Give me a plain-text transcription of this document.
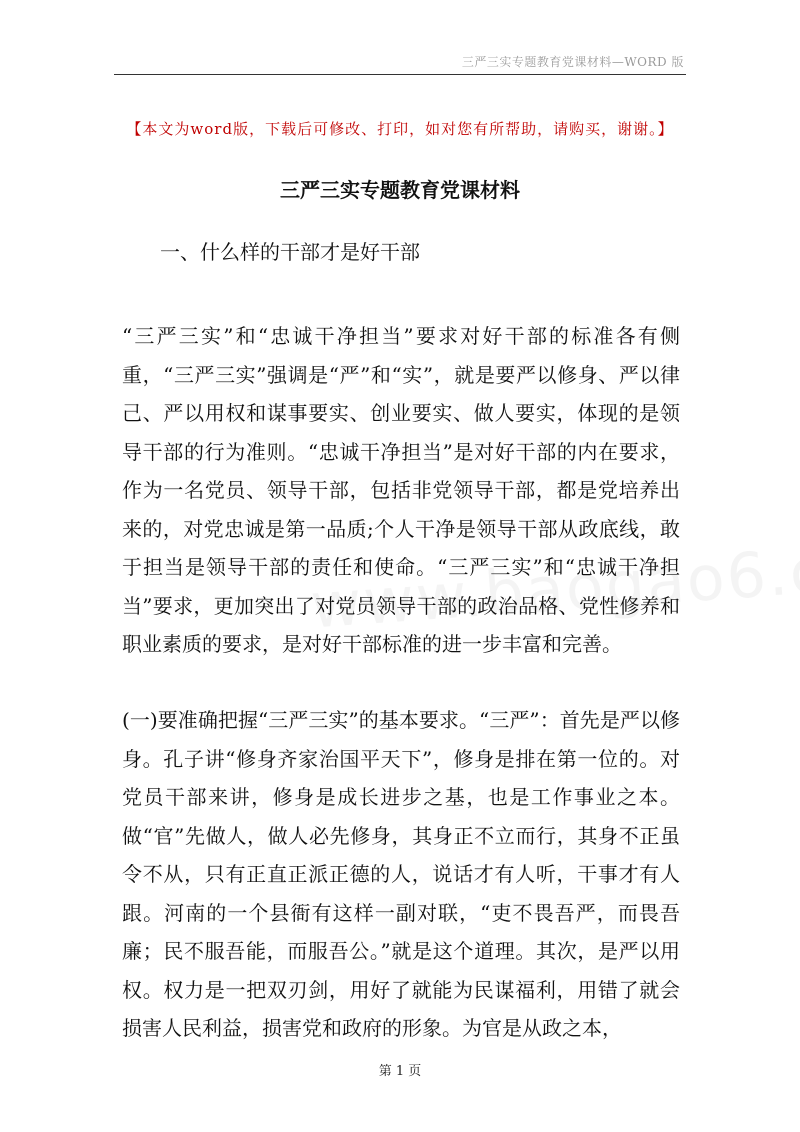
三严三实专题教育党课材料—WORD 版
【本文为word版，下载后可修改、打印，如对您有所帮助，请购买，谢谢。】
三严三实专题教育党课材料
一、什么样的干部才是好干部
“三严三实”和“忠诚干净担当”要求对好干部的标准各有侧重，“三严三实”强调是“严”和“实”，就是要严以修身、严以律己、严以用权和谋事要实、创业要实、做人要实，体现的是领导干部的行为准则。“忠诚干净担当”是对好干部的内在要求，作为一名党员、领导干部，包括非党领导干部，都是党培养出来的，对党忠诚是第一品质;个人干净是领导干部从政底线，敢于担当是领导干部的责任和使命。“三严三实”和“忠诚干净担当”要求，更加突出了对党员领导干部的政治品格、党性修养和职业素质的要求，是对好干部标准的进一步丰富和完善。
(一)要准确把握“三严三实”的基本要求。“三严”：首先是严以修身。孔子讲“修身齐家治国平天下”，修身是排在第一位的。对党员干部来讲，修身是成长进步之基，也是工作事业之本。做“官”先做人，做人必先修身，其身正不立而行，其身不正虽令不从，只有正直正派正德的人，说话才有人听，干事才有人跟。河南的一个县衙有这样一副对联，“吏不畏吾严，而畏吾廉；民不服吾能，而服吾公。”就是这个道理。其次，是严以用权。权力是一把双刃剑，用好了就能为民谋福利，用错了就会损害人民利益，损害党和政府的形象。为官是从政之本，
第 1 页
